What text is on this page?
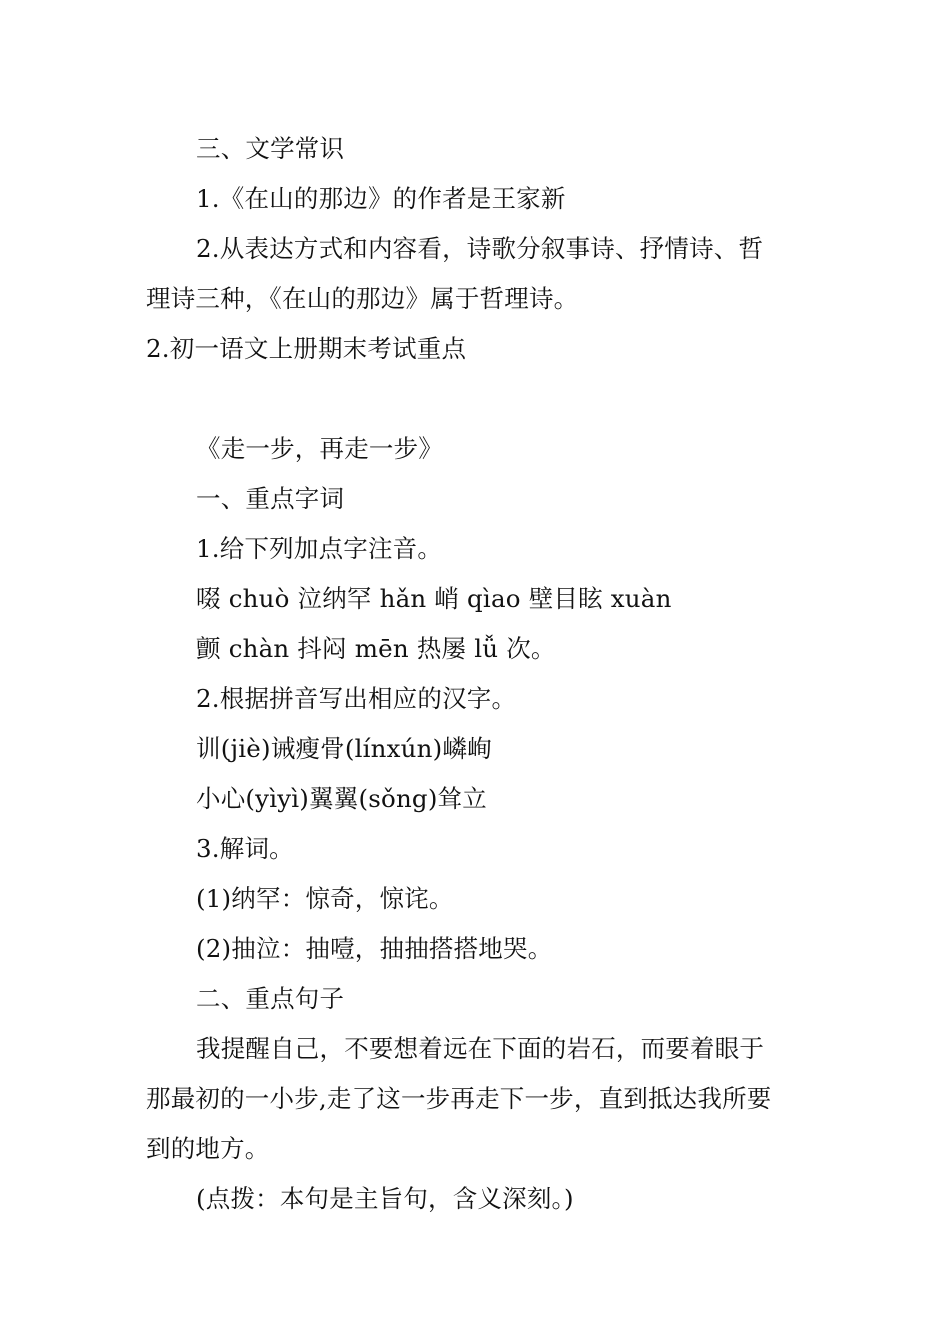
三、文学常识
1.《在山的那边》的作者是王家新
2.从表达方式和内容看，诗歌分叙事诗、抒情诗、哲
理诗三种，《在山的那边》属于哲理诗。
2.初一语文上册期末考试重点
《走一步，再走一步》
一、重点字词
1.给下列加点字注音。
啜 chuò 泣纳罕 hǎn 峭 qìao 壁目眩 xuàn
颤 chàn 抖闷 mēn 热屡 lǚ 次。
2.根据拼音写出相应的汉字。
训(jiè)诫瘦骨(línxún)嶙峋
小心(yìyì)翼翼(sǒng)耸立
3.解词。
(1)纳罕：惊奇，惊诧。
(2)抽泣：抽噎，抽抽搭搭地哭。
二、重点句子
我提醒自己，不要想着远在下面的岩石，而要着眼于
那最初的一小步,走了这一步再走下一步，直到抵达我所要
到的地方。
(点拨：本句是主旨句，含义深刻。)
